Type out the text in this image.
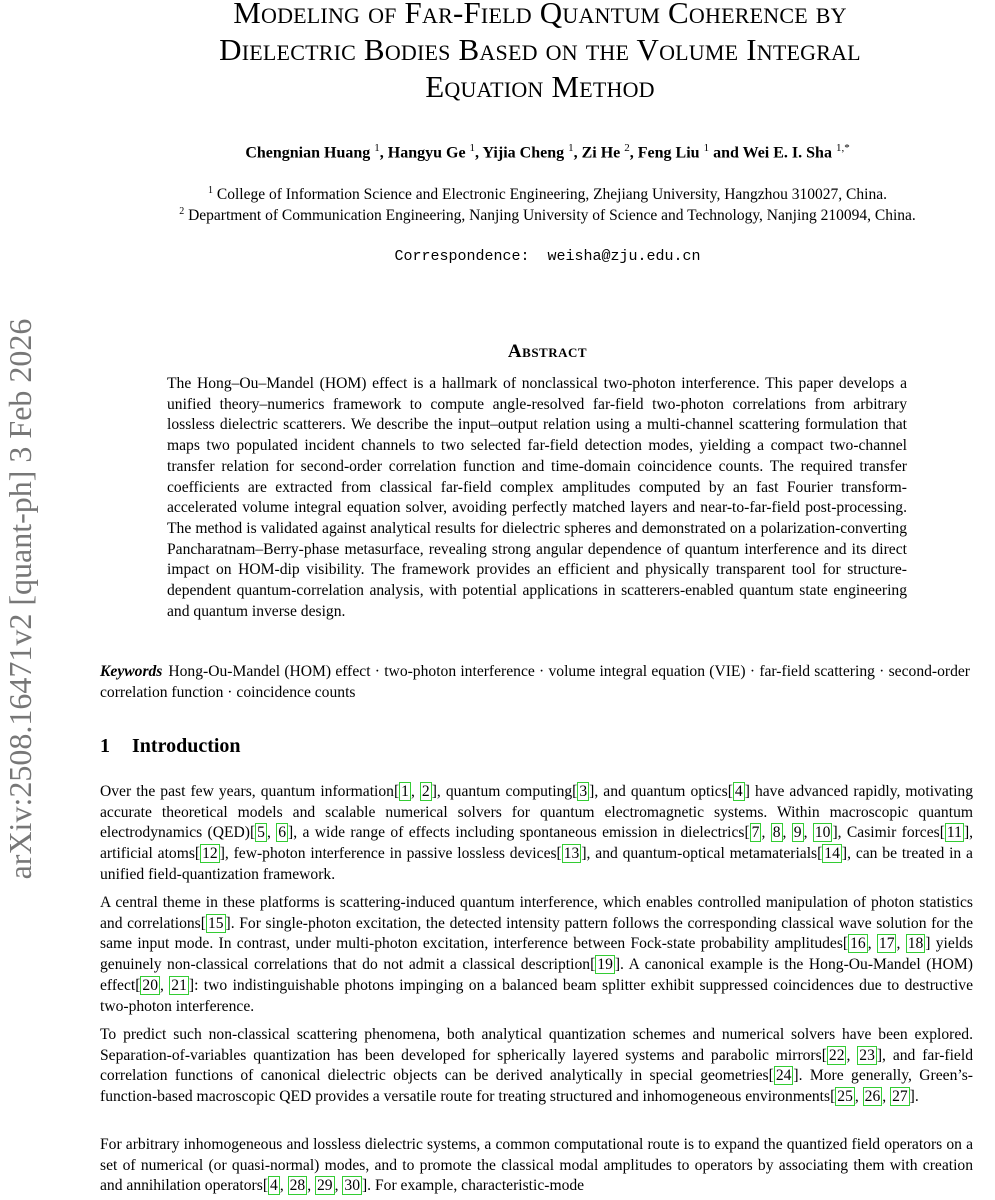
arXiv:2508.16471v2 [quant-ph] 3 Feb 2026
Modeling of Far-Field Quantum Coherence by
Dielectric Bodies Based on the Volume Integral
Equation Method
Chengnian Huang $^1$, Hangyu Ge $^1$, Yijia Cheng $^1$, Zi He $^2$, Feng Liu $^1$ and Wei E. I. Sha $^{1,*}$
$^1$ College of Information Science and Electronic Engineering, Zhejiang University, Hangzhou 310027, China.
$^2$ Department of Communication Engineering, Nanjing University of Science and Technology, Nanjing 210094, China.
Correspondence: weisha@zju.edu.cn
Abstract
The Hong–Ou–Mandel (HOM) effect is a hallmark of nonclassical two-photon interference. This paper develops a unified theory–numerics framework to compute angle-resolved far-field two-photon correlations from arbitrary lossless dielectric scatterers. We describe the input–output relation using a multi-channel scattering formulation that maps two populated incident channels to two selected far-field detection modes, yielding a compact two-channel transfer relation for second-order correlation function and time-domain coincidence counts. The required transfer coefficients are extracted from classical far-field complex amplitudes computed by an fast Fourier transform-accelerated volume integral equation solver, avoiding perfectly matched layers and near-to-far-field post-processing. The method is validated against analytical results for dielectric spheres and demonstrated on a polarization-converting Pancharatnam–Berry-phase metasurface, revealing strong angular dependence of quantum interference and its direct impact on HOM-dip visibility. The framework provides an efficient and physically transparent tool for structure-dependent quantum-correlation analysis, with potential applications in scatterers-enabled quantum state engineering and quantum inverse design.
Keywords Hong-Ou-Mandel (HOM) effect · two-photon interference · volume integral equation (VIE) · far-field scattering · second-order correlation function · coincidence counts
1 Introduction
Over the past few years, quantum information[ 1 , 2 ], quantum computing[ 3 ], and quantum optics[ 4 ] have advanced rapidly, motivating accurate theoretical models and scalable numerical solvers for quantum electromagnetic systems. Within macroscopic quantum electrodynamics (QED)[ 5 , 6 ], a wide range of effects including spontaneous emission in dielectrics[ 7 , 8 , 9 , 10 ], Casimir forces[ 11 ], artificial atoms[ 12 ], few-photon interference in passive lossless devices[ 13 ], and quantum-optical metamaterials[ 14 ], can be treated in a unified field-quantization framework.
A central theme in these platforms is scattering-induced quantum interference, which enables controlled manipulation of photon statistics and correlations[ 15 ]. For single-photon excitation, the detected intensity pattern follows the corresponding classical wave solution for the same input mode. In contrast, under multi-photon excitation, interference between Fock-state probability amplitudes[ 16 , 17 , 18 ] yields genuinely non-classical correlations that do not admit a classical description[ 19 ]. A canonical example is the Hong-Ou-Mandel (HOM) effect[ 20 , 21 ]: two indistinguishable photons impinging on a balanced beam splitter exhibit suppressed coincidences due to destructive two-photon interference.
To predict such non-classical scattering phenomena, both analytical quantization schemes and numerical solvers have been explored. Separation-of-variables quantization has been developed for spherically layered systems and parabolic mirrors[ 22 , 23 ], and far-field correlation functions of canonical dielectric objects can be derived analytically in special geometries[ 24 ]. More generally, Green’s-function-based macroscopic QED provides a versatile route for treating structured and inhomogeneous environments[ 25 , 26 , 27 ].
For arbitrary inhomogeneous and lossless dielectric systems, a common computational route is to expand the quantized field operators on a set of numerical (or quasi-normal) modes, and to promote the classical modal amplitudes to operators by associating them with creation and annihilation operators[ 4 , 28 , 29 , 30 ]. For example, characteristic-mode
